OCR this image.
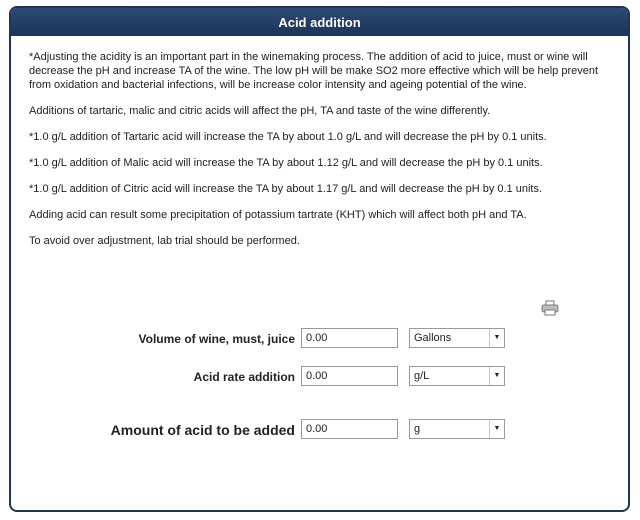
Acid addition

*Adjusting the acidity is an important part in the winemaking process. The addition of acid to juice, must or wine will decrease the pH and increase TA of the wine. The low pH will be make SO2 more effective which will be help prevent from oxidation and bacterial infections, will be increase color intensity and ageing potential of the wine.

Additions of tartaric, malic and citric acids will affect the pH, TA and taste of the wine differently.

*1.0 g/L addition of Tartaric acid will increase the TA by about 1.0 g/L and will decrease the pH by 0.1 units.

*1.0 g/L addition of Malic acid will increase the TA by about 1.12 g/L and will decrease the pH by 0.1 units.

*1.0 g/L addition of Citric acid will increase the TA by about 1.17 g/L and will decrease the pH by 0.1 units.

Adding acid can result some precipitation of potassium tartrate (KHT) which will affect both pH and TA.

To avoid over adjustment, lab trial should be performed.

Volume of wine, must, juice
0.00	Gallons	▼
Acid rate addition
0.00	g/L	▼
Amount of acid to be added
0.00	g	▼
